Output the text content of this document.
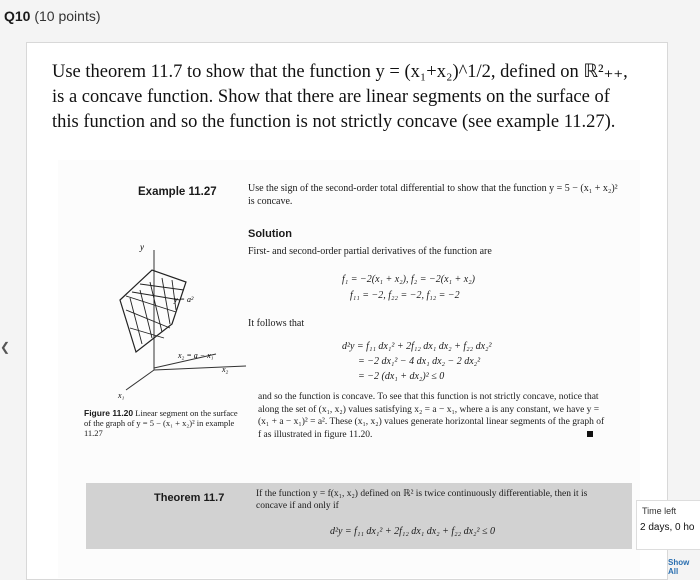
Q10 (10 points)
Use theorem 11.7 to show that the function y = (x₁+x₂)^1/2, defined on ℝ²₊₊,
is a concave function. Show that there are linear segments on the surface of
this function and so the function is not strictly concave (see example 11.27).
Example 11.27	Use the sign of the second-order total differential to show that the function y = 5 − (x₁ + x₂)² is concave.
Solution
First- and second-order partial derivatives of the function are
f₁ = −2(x₁ + x₂), f₂ = −2(x₁ + x₂)
f₁₁ = −2, f₂₂ = −2, f₁₂ = −2
It follows that
d²y = f₁₁ dx₁² + 2f₁₂ dx₁ dx₂ + f₂₂ dx₂²
= −2 dx₁² − 4 dx₁ dx₂ − 2 dx₂²
= −2 (dx₁ + dx₂)² ≤ 0
and so the function is concave. To see that this function is not strictly concave, notice that along the set of (x₁, x₂) values satisfying x₂ = a − x₁, where a is any constant, we have y = (x₁ + a − x₁)² = a². These (x₁, x₂) values generate horizontal linear segments of the graph of f as illustrated in figure 11.20.
y
y = a²
x₂ = a − x₁
x₂
x₁
Figure 11.20 Linear segment on the surface of the graph of y = 5 − (x₁ + x₂)² in example 11.27
Theorem 11.7	If the function y = f(x₁, x₂) defined on ℝ² is twice continuously differentiable, then it is concave if and only if
d²y = f₁₁ dx₁² + 2f₁₂ dx₁ dx₂ + f₂₂ dx₂² ≤ 0
❮
Time left
2 days, 0 ho
Show All
